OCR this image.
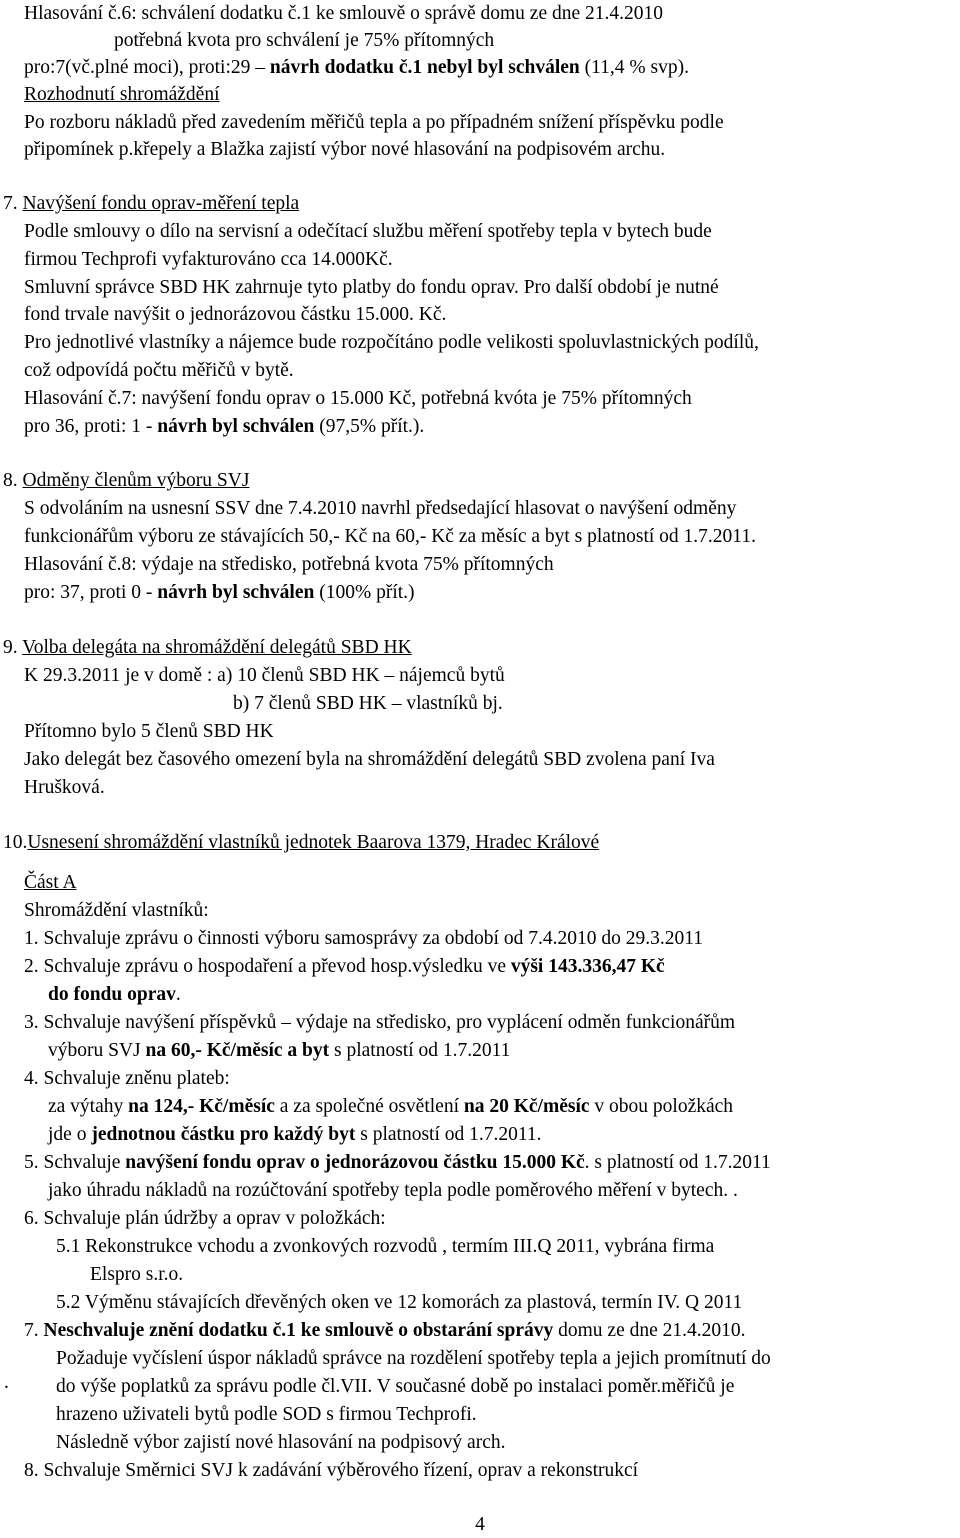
Hlasování č.6: schválení dodatku č.1 ke smlouvě o správě domu ze dne 21.4.2010
potřebná kvota pro schválení je 75% přítomných
pro:7(vč.plné moci), proti:29 – návrh dodatku č.1 nebyl byl schválen (11,4 % svp).
Rozhodnutí shromáždění
Po rozboru nákladů před zavedením měřičů tepla a po případném snížení příspěvku podle
připomínek p.křepely a Blažka zajistí výbor nové hlasování na podpisovém archu.
7. Navýšení fondu oprav-měření tepla
Podle smlouvy o dílo na servisní a odečítací službu měření spotřeby tepla v bytech bude
firmou Techprofi vyfakturováno cca 14.000Kč.
Smluvní správce SBD HK zahrnuje tyto platby do fondu oprav. Pro další období je nutné
fond trvale navýšit o jednorázovou částku 15.000. Kč.
Pro jednotlivé vlastníky a nájemce bude rozpočítáno podle velikosti spoluvlastnických podílů,
což odpovídá počtu měřičů v bytě.
Hlasování č.7: navýšení fondu oprav o 15.000 Kč, potřebná kvóta je 75% přítomných
pro 36, proti: 1 - návrh byl schválen (97,5% přít.).
8. Odměny členům výboru SVJ
S odvoláním na usnesní SSV dne 7.4.2010 navrhl předsedající hlasovat o navýšení odměny
funkcionářům výboru ze stávajících 50,- Kč na 60,- Kč za měsíc a byt s platností od 1.7.2011.
Hlasování č.8: výdaje na středisko, potřebná kvota 75% přítomných
pro: 37, proti 0 - návrh byl schválen (100% přít.)
9. Volba delegáta na shromáždění delegátů SBD HK
K 29.3.2011 je v domě : a) 10 členů SBD HK – nájemců bytů
b) 7 členů SBD HK – vlastníků bj.
Přítomno bylo 5 členů SBD HK
Jako delegát bez časového omezení byla na shromáždění delegátů SBD zvolena paní Iva
Hrušková.
10.Usnesení shromáždění vlastníků jednotek Baarova 1379, Hradec Králové
Část A
Shromáždění vlastníků:
1. Schvaluje zprávu o činnosti výboru samosprávy za období od 7.4.2010 do 29.3.2011
2. Schvaluje zprávu o hospodaření a převod hosp.výsledku ve výši 143.336,47 Kč
do fondu oprav.
3. Schvaluje navýšení příspěvků – výdaje na středisko, pro vyplácení odměn funkcionářům
výboru SVJ na 60,- Kč/měsíc a byt s platností od 1.7.2011
4. Schvaluje zněnu plateb:
za výtahy na 124,- Kč/měsíc a za společné osvětlení na 20 Kč/měsíc v obou položkách
jde o jednotnou částku pro každý byt s platností od 1.7.2011.
5. Schvaluje navýšení fondu oprav o jednorázovou částku 15.000 Kč. s platností od 1.7.2011
jako úhradu nákladů na rozúčtování spotřeby tepla podle poměrového měření v bytech. .
6. Schvaluje plán údržby a oprav v položkách:
5.1 Rekonstrukce vchodu a zvonkových rozvodů , termím III.Q 2011, vybrána firma
Elspro s.r.o.
5.2 Výměnu stávajících dřevěných oken ve 12 komorách za plastová, termín IV. Q 2011
7. Neschvaluje znění dodatku č.1 ke smlouvě o obstarání správy domu ze dne 21.4.2010.
Požaduje vyčíslení úspor nákladů správce na rozdělení spotřeby tepla a jejich promítnutí do
. do výše poplatků za správu podle čl.VII. V současné době po instalaci poměr.měřičů je
hrazeno uživateli bytů podle SOD s firmou Techprofi.
Následně výbor zajistí nové hlasování na podpisový arch.
8. Schvaluje Směrnici SVJ k zadávání výběrového řízení, oprav a rekonstrukcí
4
